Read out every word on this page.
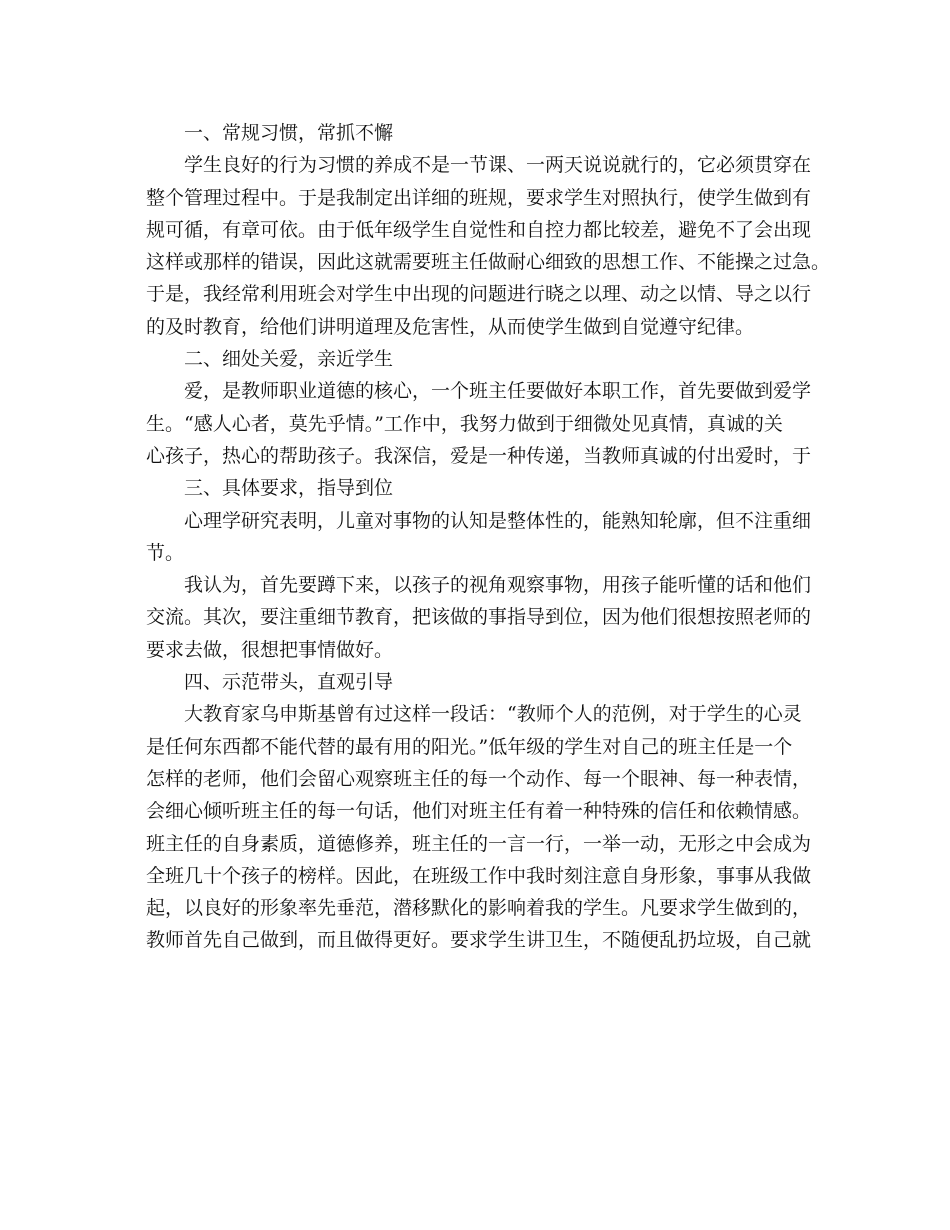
一、常规习惯，常抓不懈
学生良好的行为习惯的养成不是一节课、一两天说说就行的，它必须贯穿在
整个管理过程中。于是我制定出详细的班规，要求学生对照执行，使学生做到有
规可循，有章可依。由于低年级学生自觉性和自控力都比较差，避免不了会出现
这样或那样的错误，因此这就需要班主任做耐心细致的思想工作、不能操之过急。
于是，我经常利用班会对学生中出现的问题进行晓之以理、动之以情、导之以行
的及时教育，给他们讲明道理及危害性，从而使学生做到自觉遵守纪律。
二、细处关爱，亲近学生
爱，是教师职业道德的核心，一个班主任要做好本职工作，首先要做到爱学
生。“感人心者，莫先乎情。”工作中，我努力做到于细微处见真情，真诚的关
心孩子，热心的帮助孩子。我深信，爱是一种传递，当教师真诚的付出爱时，于
三、具体要求，指导到位
心理学研究表明，儿童对事物的认知是整体性的，能熟知轮廓，但不注重细
节。
我认为，首先要蹲下来，以孩子的视角观察事物，用孩子能听懂的话和他们
交流。其次，要注重细节教育，把该做的事指导到位，因为他们很想按照老师的
要求去做，很想把事情做好。
四、示范带头，直观引导
大教育家乌申斯基曾有过这样一段话：“教师个人的范例，对于学生的心灵
是任何东西都不能代替的最有用的阳光。”低年级的学生对自己的班主任是一个
怎样的老师，他们会留心观察班主任的每一个动作、每一个眼神、每一种表情，
会细心倾听班主任的每一句话，他们对班主任有着一种特殊的信任和依赖情感。
班主任的自身素质，道德修养，班主任的一言一行，一举一动，无形之中会成为
全班几十个孩子的榜样。因此，在班级工作中我时刻注意自身形象，事事从我做
起，以良好的形象率先垂范，潜移默化的影响着我的学生。凡要求学生做到的，
教师首先自己做到，而且做得更好。要求学生讲卫生，不随便乱扔垃圾，自己就
